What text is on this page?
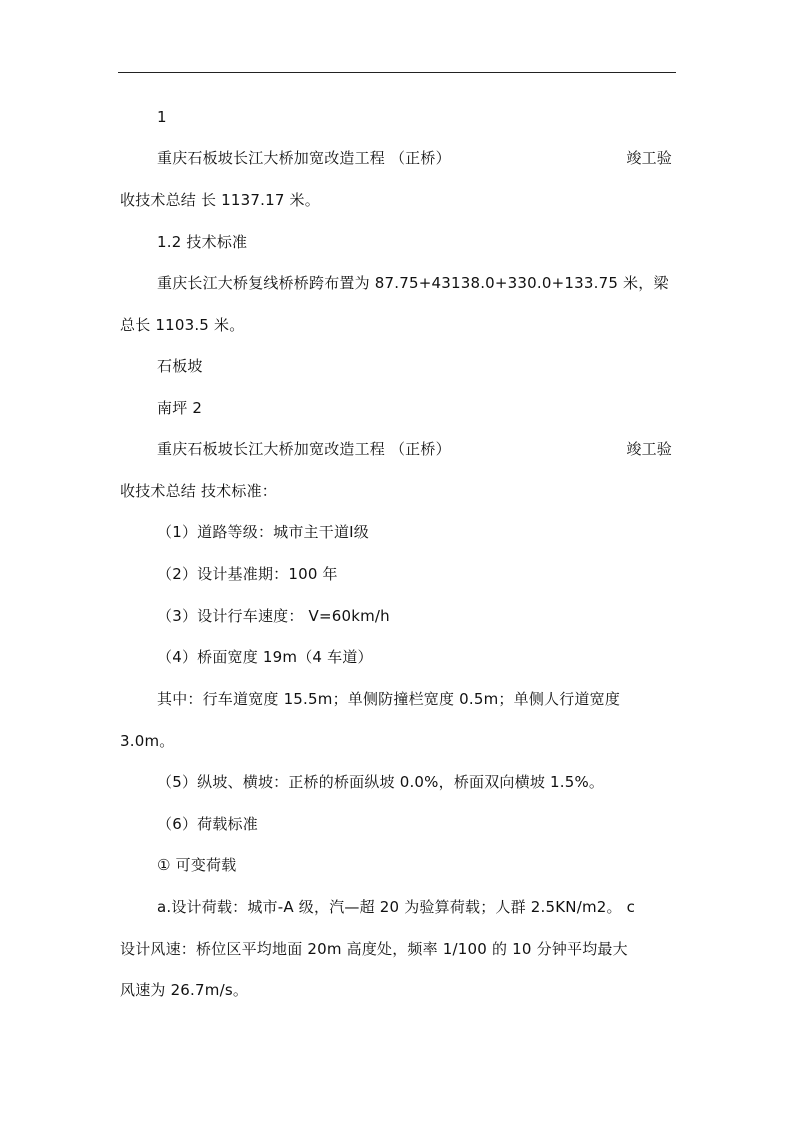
1
重庆石板坡长江大桥加宽改造工程 （正桥）	竣工验
收技术总结 长 1137.17 米。
1.2 技术标准
重庆长江大桥复线桥桥跨布置为 87.75+43138.0+330.0+133.75 米，梁
总长 1103.5 米。
石板坡
南坪 2
重庆石板坡长江大桥加宽改造工程 （正桥）	竣工验
收技术总结 技术标准：
（1）道路等级：城市主干道Ⅰ级
（2）设计基准期：100 年
（3）设计行车速度： V=60km/h
（4）桥面宽度 19m（4 车道）
其中：行车道宽度 15.5m；单侧防撞栏宽度 0.5m；单侧人行道宽度
3.0m。
（5）纵坡、横坡：正桥的桥面纵坡 0.0%，桥面双向横坡 1.5%。
（6）荷载标准
① 可变荷载
a.设计荷载：城市-A 级，汽—超 20 为验算荷载；人群 2.5KN/m2。 c
设计风速：桥位区平均地面 20m 高度处，频率 1/100 的 10 分钟平均最大
风速为 26.7m/s。
